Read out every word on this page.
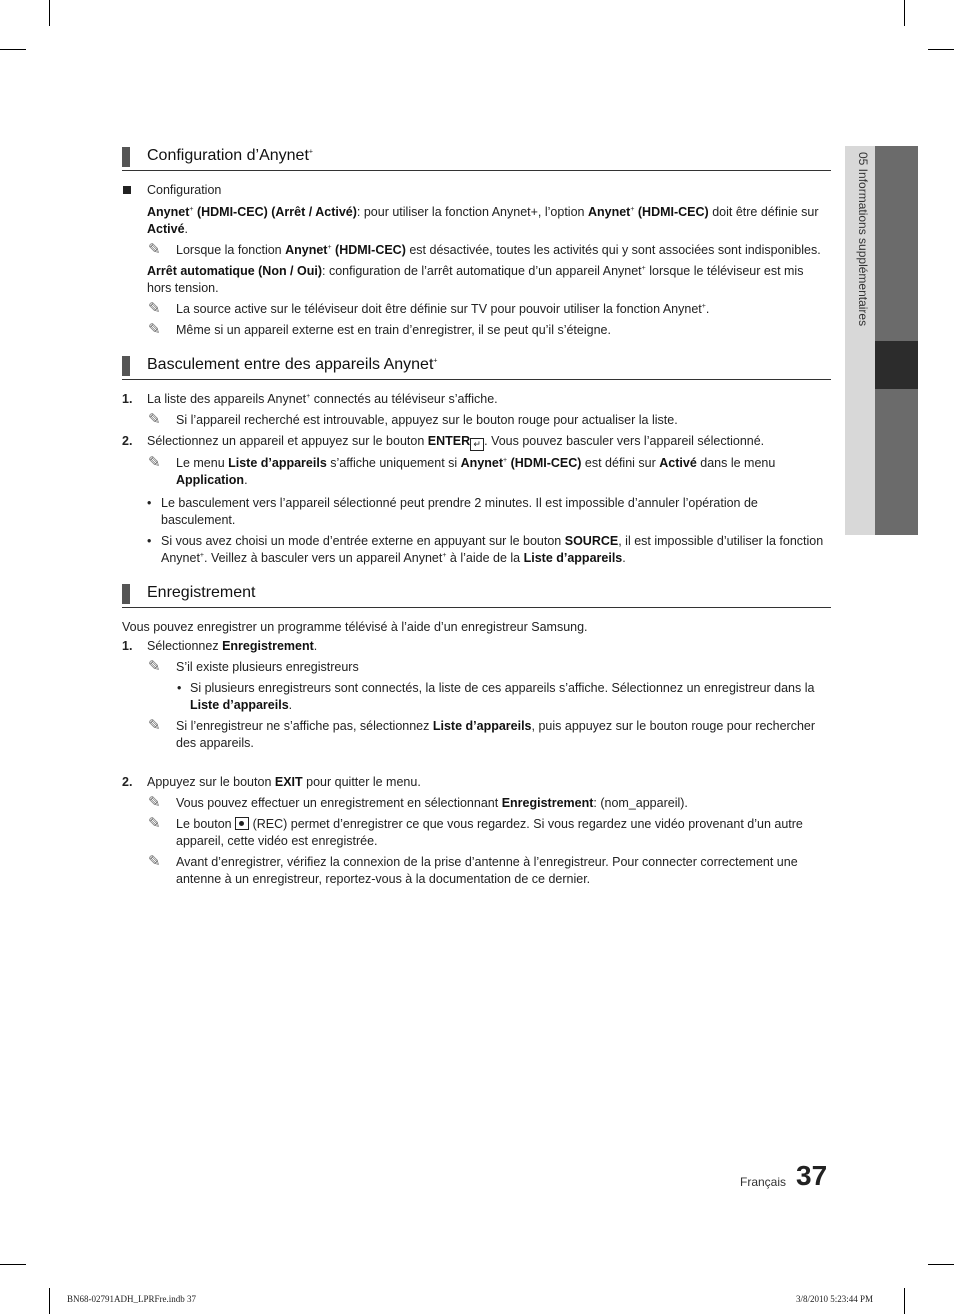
05 Informations supplémentaires
Configuration d’Anynet+
Configuration
Anynet+ (HDMI-CEC) (Arrêt / Activé): pour utiliser la fonction Anynet+, l’option Anynet+ (HDMI-CEC) doit être définie sur Activé.
✎ Lorsque la fonction Anynet+ (HDMI-CEC) est désactivée, toutes les activités qui y sont associées sont indisponibles.
Arrêt automatique (Non / Oui): configuration de l’arrêt automatique d’un appareil Anynet+ lorsque le téléviseur est mis hors tension.
✎ La source active sur le téléviseur doit être définie sur TV pour pouvoir utiliser la fonction Anynet+.
✎ Même si un appareil externe est en train d’enregistrer, il se peut qu’il s’éteigne.
Basculement entre des appareils Anynet+
1. La liste des appareils Anynet+ connectés au téléviseur s’affiche.
✎ Si l’appareil recherché est introuvable, appuyez sur le bouton rouge pour actualiser la liste.
2. Sélectionnez un appareil et appuyez sur le bouton ENTER ↵ . Vous pouvez basculer vers l’appareil sélectionné.
✎ Le menu Liste d’appareils s’affiche uniquement si Anynet+ (HDMI-CEC) est défini sur Activé dans le menu Application.
• Le basculement vers l’appareil sélectionné peut prendre 2 minutes. Il est impossible d’annuler l’opération de basculement.
• Si vous avez choisi un mode d’entrée externe en appuyant sur le bouton SOURCE, il est impossible d’utiliser la fonction Anynet+. Veillez à basculer vers un appareil Anynet+ à l’aide de la Liste d’appareils.
Enregistrement
Vous pouvez enregistrer un programme télévisé à l’aide d’un enregistreur Samsung.
1. Sélectionnez Enregistrement.
✎ S’il existe plusieurs enregistreurs
• Si plusieurs enregistreurs sont connectés, la liste de ces appareils s’affiche. Sélectionnez un enregistreur dans la Liste d’appareils.
✎ Si l’enregistreur ne s’affiche pas, sélectionnez Liste d’appareils, puis appuyez sur le bouton rouge pour rechercher des appareils.
2. Appuyez sur le bouton EXIT pour quitter le menu.
✎ Vous pouvez effectuer un enregistrement en sélectionnant Enregistrement: (nom_appareil).
✎ Le bouton  (REC) permet d’enregistrer ce que vous regardez. Si vous regardez une vidéo provenant d’un autre appareil, cette vidéo est enregistrée.
✎ Avant d’enregistrer, vérifiez la connexion de la prise d’antenne à l’enregistreur. Pour connecter correctement une antenne à un enregistreur, reportez-vous à la documentation de ce dernier.
Français 37
BN68-02791ADH_LPRFre.indb 37	3/8/2010 5:23:44 PM
